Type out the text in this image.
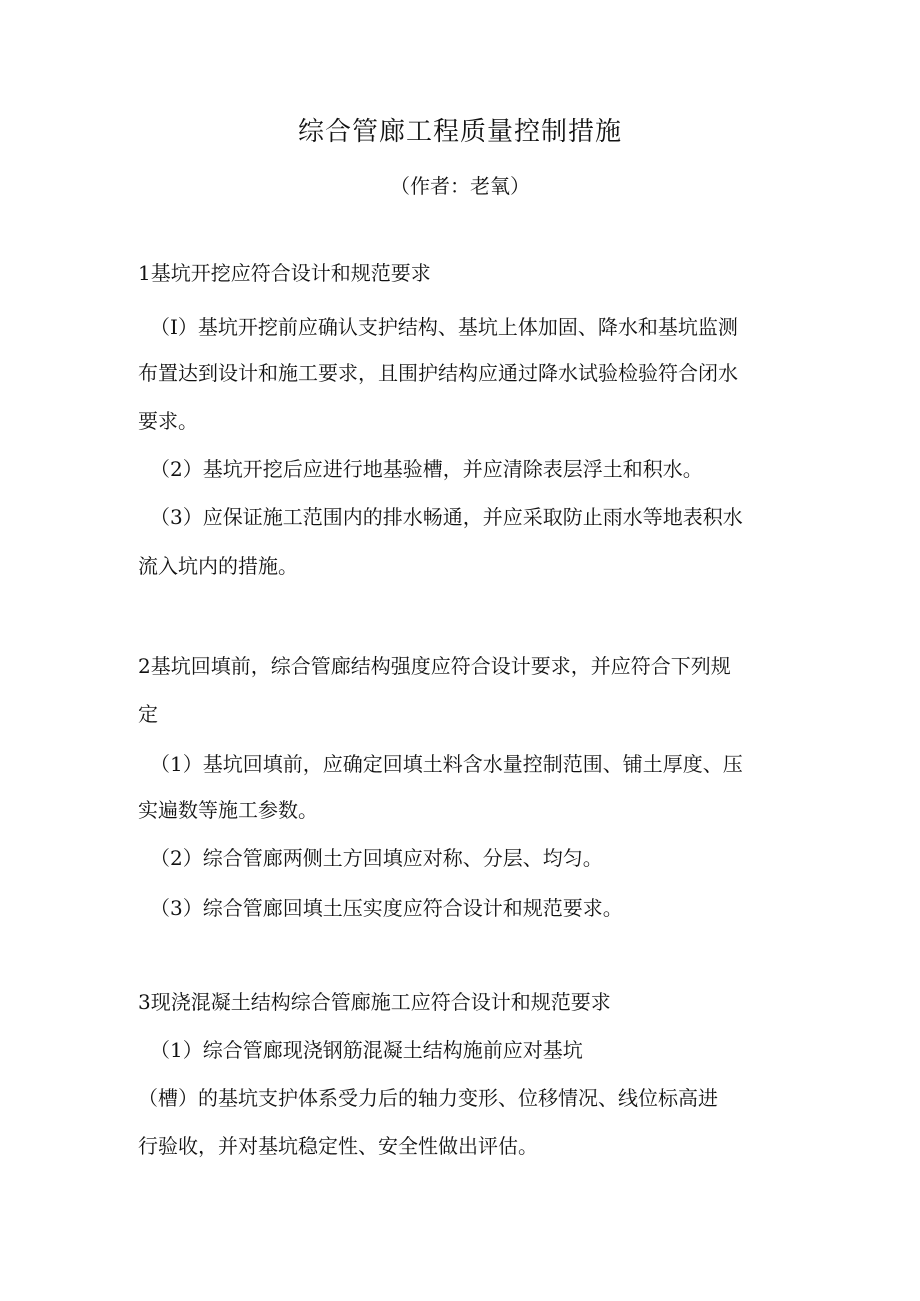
综合管廊工程质量控制措施
（作者：老氧）
1基坑开挖应符合设计和规范要求
（I）基坑开挖前应确认支护结构、基坑上体加固、降水和基坑监测
布置达到设计和施工要求，且围护结构应通过降水试验检验符合闭水
要求。
（2）基坑开挖后应进行地基验槽，并应清除表层浮土和积水。
（3）应保证施工范围内的排水畅通，并应采取防止雨水等地表积水
流入坑内的措施。
2基坑回填前，综合管廊结构强度应符合设计要求，并应符合下列规
定
（1）基坑回填前，应确定回填土料含水量控制范围、铺土厚度、压
实遍数等施工参数。
（2）综合管廊两侧土方回填应对称、分层、均匀。
（3）综合管廊回填土压实度应符合设计和规范要求。
3现浇混凝土结构综合管廊施工应符合设计和规范要求
（1）综合管廊现浇钢筋混凝土结构施前应对基坑
（槽）的基坑支护体系受力后的轴力变形、位移情况、线位标高进
行验收，并对基坑稳定性、安全性做出评估。
